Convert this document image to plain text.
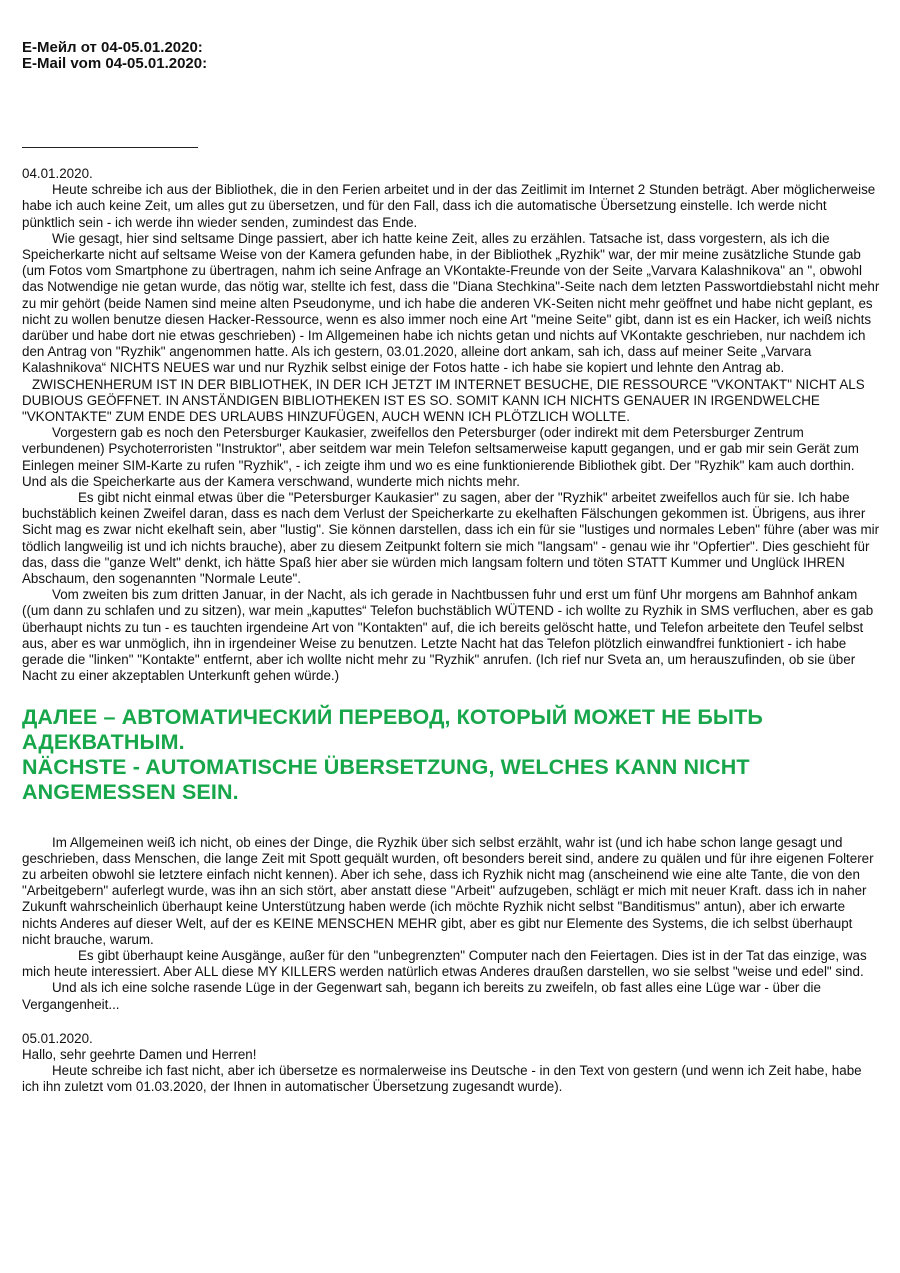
E-Мейл от 04-05.01.2020:
E-Mail vom 04-05.01.2020:

04.01.2020.

Heute schreibe ich aus der Bibliothek, die in den Ferien arbeitet und in der das Zeitlimit im Internet 2 Stunden beträgt. Aber möglicherweise habe ich auch keine Zeit, um alles gut zu übersetzen, und für den Fall, dass ich die automatische Übersetzung einstelle. Ich werde nicht pünktlich sein - ich werde ihn wieder senden, zumindest das Ende.

Wie gesagt, hier sind seltsame Dinge passiert, aber ich hatte keine Zeit, alles zu erzählen. Tatsache ist, dass vorgestern, als ich die Speicherkarte nicht auf seltsame Weise von der Kamera gefunden habe, in der Bibliothek „Ryzhik" war, der mir meine zusätzliche Stunde gab (um Fotos vom Smartphone zu übertragen, nahm ich seine Anfrage an VKontakte-Freunde von der Seite „Varvara Kalashnikova" an ", obwohl das Notwendige nie getan wurde, das nötig war, stellte ich fest, dass die "Diana Stechkina"-Seite nach dem letzten Passwortdiebstahl nicht mehr zu mir gehört (beide Namen sind meine alten Pseudonyme, und ich habe die anderen VK-Seiten nicht mehr geöffnet und habe nicht geplant, es nicht zu wollen benutze diesen Hacker-Ressource, wenn es also immer noch eine Art "meine Seite" gibt, dann ist es ein Hacker, ich weiß nichts darüber und habe dort nie etwas geschrieben) - Im Allgemeinen habe ich nichts getan und nichts auf VKontakte geschrieben, nur nachdem ich den Antrag von "Ryzhik" angenommen hatte. Als ich gestern, 03.01.2020, alleine dort ankam, sah ich, dass auf meiner Seite „Varvara Kalashnikova“ NICHTS NEUES war und nur Ryzhik selbst einige der Fotos hatte - ich habe sie kopiert und lehnte den Antrag ab.

ZWISCHENHERUM IST IN DER BIBLIOTHEK, IN DER ICH JETZT IM INTERNET BESUCHE, DIE RESSOURCE "VKONTAKT" NICHT ALS DUBIOUS GEÖFFNET. IN ANSTÄNDIGEN BIBLIOTHEKEN IST ES SO. SOMIT KANN ICH NICHTS GENAUER IN IRGENDWELCHE "VKONTAKTE" ZUM ENDE DES URLAUBS HINZUFÜGEN, AUCH WENN ICH PLÖTZLICH WOLLTE.

Vorgestern gab es noch den Petersburger Kaukasier, zweifellos den Petersburger (oder indirekt mit dem Petersburger Zentrum verbundenen) Psychoterroristen "Instruktor", aber seitdem war mein Telefon seltsamerweise kaputt gegangen, und er gab mir sein Gerät zum Einlegen meiner SIM-Karte zu rufen "Ryzhik", - ich zeigte ihm und wo es eine funktionierende Bibliothek gibt. Der "Ryzhik" kam auch dorthin. Und als die Speicherkarte aus der Kamera verschwand, wunderte mich nichts mehr.

Es gibt nicht einmal etwas über die "Petersburger Kaukasier" zu sagen, aber der "Ryzhik" arbeitet zweifellos auch für sie. Ich habe buchstäblich keinen Zweifel daran, dass es nach dem Verlust der Speicherkarte zu ekelhaften Fälschungen gekommen ist. Übrigens, aus ihrer Sicht mag es zwar nicht ekelhaft sein, aber "lustig". Sie können darstellen, dass ich ein für sie "lustiges und normales Leben" führe (aber was mir tödlich langweilig ist und ich nichts brauche), aber zu diesem Zeitpunkt foltern sie mich "langsam" - genau wie ihr "Opfertier". Dies geschieht für das, dass die "ganze Welt" denkt, ich hätte Spaß hier aber sie würden mich langsam foltern und töten STATT Kummer und Unglück IHREN Abschaum, den sogenannten "Normale Leute".

Vom zweiten bis zum dritten Januar, in der Nacht, als ich gerade in Nachtbussen fuhr und erst um fünf Uhr morgens am Bahnhof ankam ((um dann zu schlafen und zu sitzen), war mein „kaputtes“ Telefon buchstäblich WÜTEND - ich wollte zu Ryzhik in SMS verfluchen, aber es gab überhaupt nichts zu tun - es tauchten irgendeine Art von "Kontakten" auf, die ich bereits gelöscht hatte, und Telefon arbeitete den Teufel selbst aus, aber es war unmöglich, ihn in irgendeiner Weise zu benutzen. Letzte Nacht hat das Telefon plötzlich einwandfrei funktioniert - ich habe gerade die "linken" "Kontakte" entfernt, aber ich wollte nicht mehr zu "Ryzhik" anrufen. (Ich rief nur Sveta an, um herauszufinden, ob sie über Nacht zu einer akzeptablen Unterkunft gehen würde.)

ДАЛЕЕ – АВТОМАТИЧЕСКИЙ ПЕРЕВОД, КОТОРЫЙ МОЖЕТ НЕ БЫТЬ АДЕКВАТНЫМ.
NÄCHSTE - AUTOMATISCHE ÜBERSETZUNG, WELCHES KANN NICHT ANGEMESSEN SEIN.

Im Allgemeinen weiß ich nicht, ob eines der Dinge, die Ryzhik über sich selbst erzählt, wahr ist (und ich habe schon lange gesagt und geschrieben, dass Menschen, die lange Zeit mit Spott gequält wurden, oft besonders bereit sind, andere zu quälen und für ihre eigenen Folterer zu arbeiten obwohl sie letztere einfach nicht kennen). Aber ich sehe, dass ich Ryzhik nicht mag (anscheinend wie eine alte Tante, die von den "Arbeitgebern" auferlegt wurde, was ihn an sich stört, aber anstatt diese "Arbeit" aufzugeben, schlägt er mich mit neuer Kraft. dass ich in naher Zukunft wahrscheinlich überhaupt keine Unterstützung haben werde (ich möchte Ryzhik nicht selbst "Banditismus" antun), aber ich erwarte nichts Anderes auf dieser Welt, auf der es KEINE MENSCHEN MEHR gibt, aber es gibt nur Elemente des Systems, die ich selbst überhaupt nicht brauche, warum.

Es gibt überhaupt keine Ausgänge, außer für den "unbegrenzten" Computer nach den Feiertagen. Dies ist in der Tat das einzige, was mich heute interessiert. Aber ALL diese MY KILLERS werden natürlich etwas Anderes draußen darstellen, wo sie selbst "weise und edel" sind.

Und als ich eine solche rasende Lüge in der Gegenwart sah, begann ich bereits zu zweifeln, ob fast alles eine Lüge war - über die Vergangenheit...

05.01.2020.

Hallo, sehr geehrte Damen und Herren!

Heute schreibe ich fast nicht, aber ich übersetze es normalerweise ins Deutsche - in den Text von gestern (und wenn ich Zeit habe, habe ich ihn zuletzt vom 01.03.2020, der Ihnen in automatischer Übersetzung zugesandt wurde).
